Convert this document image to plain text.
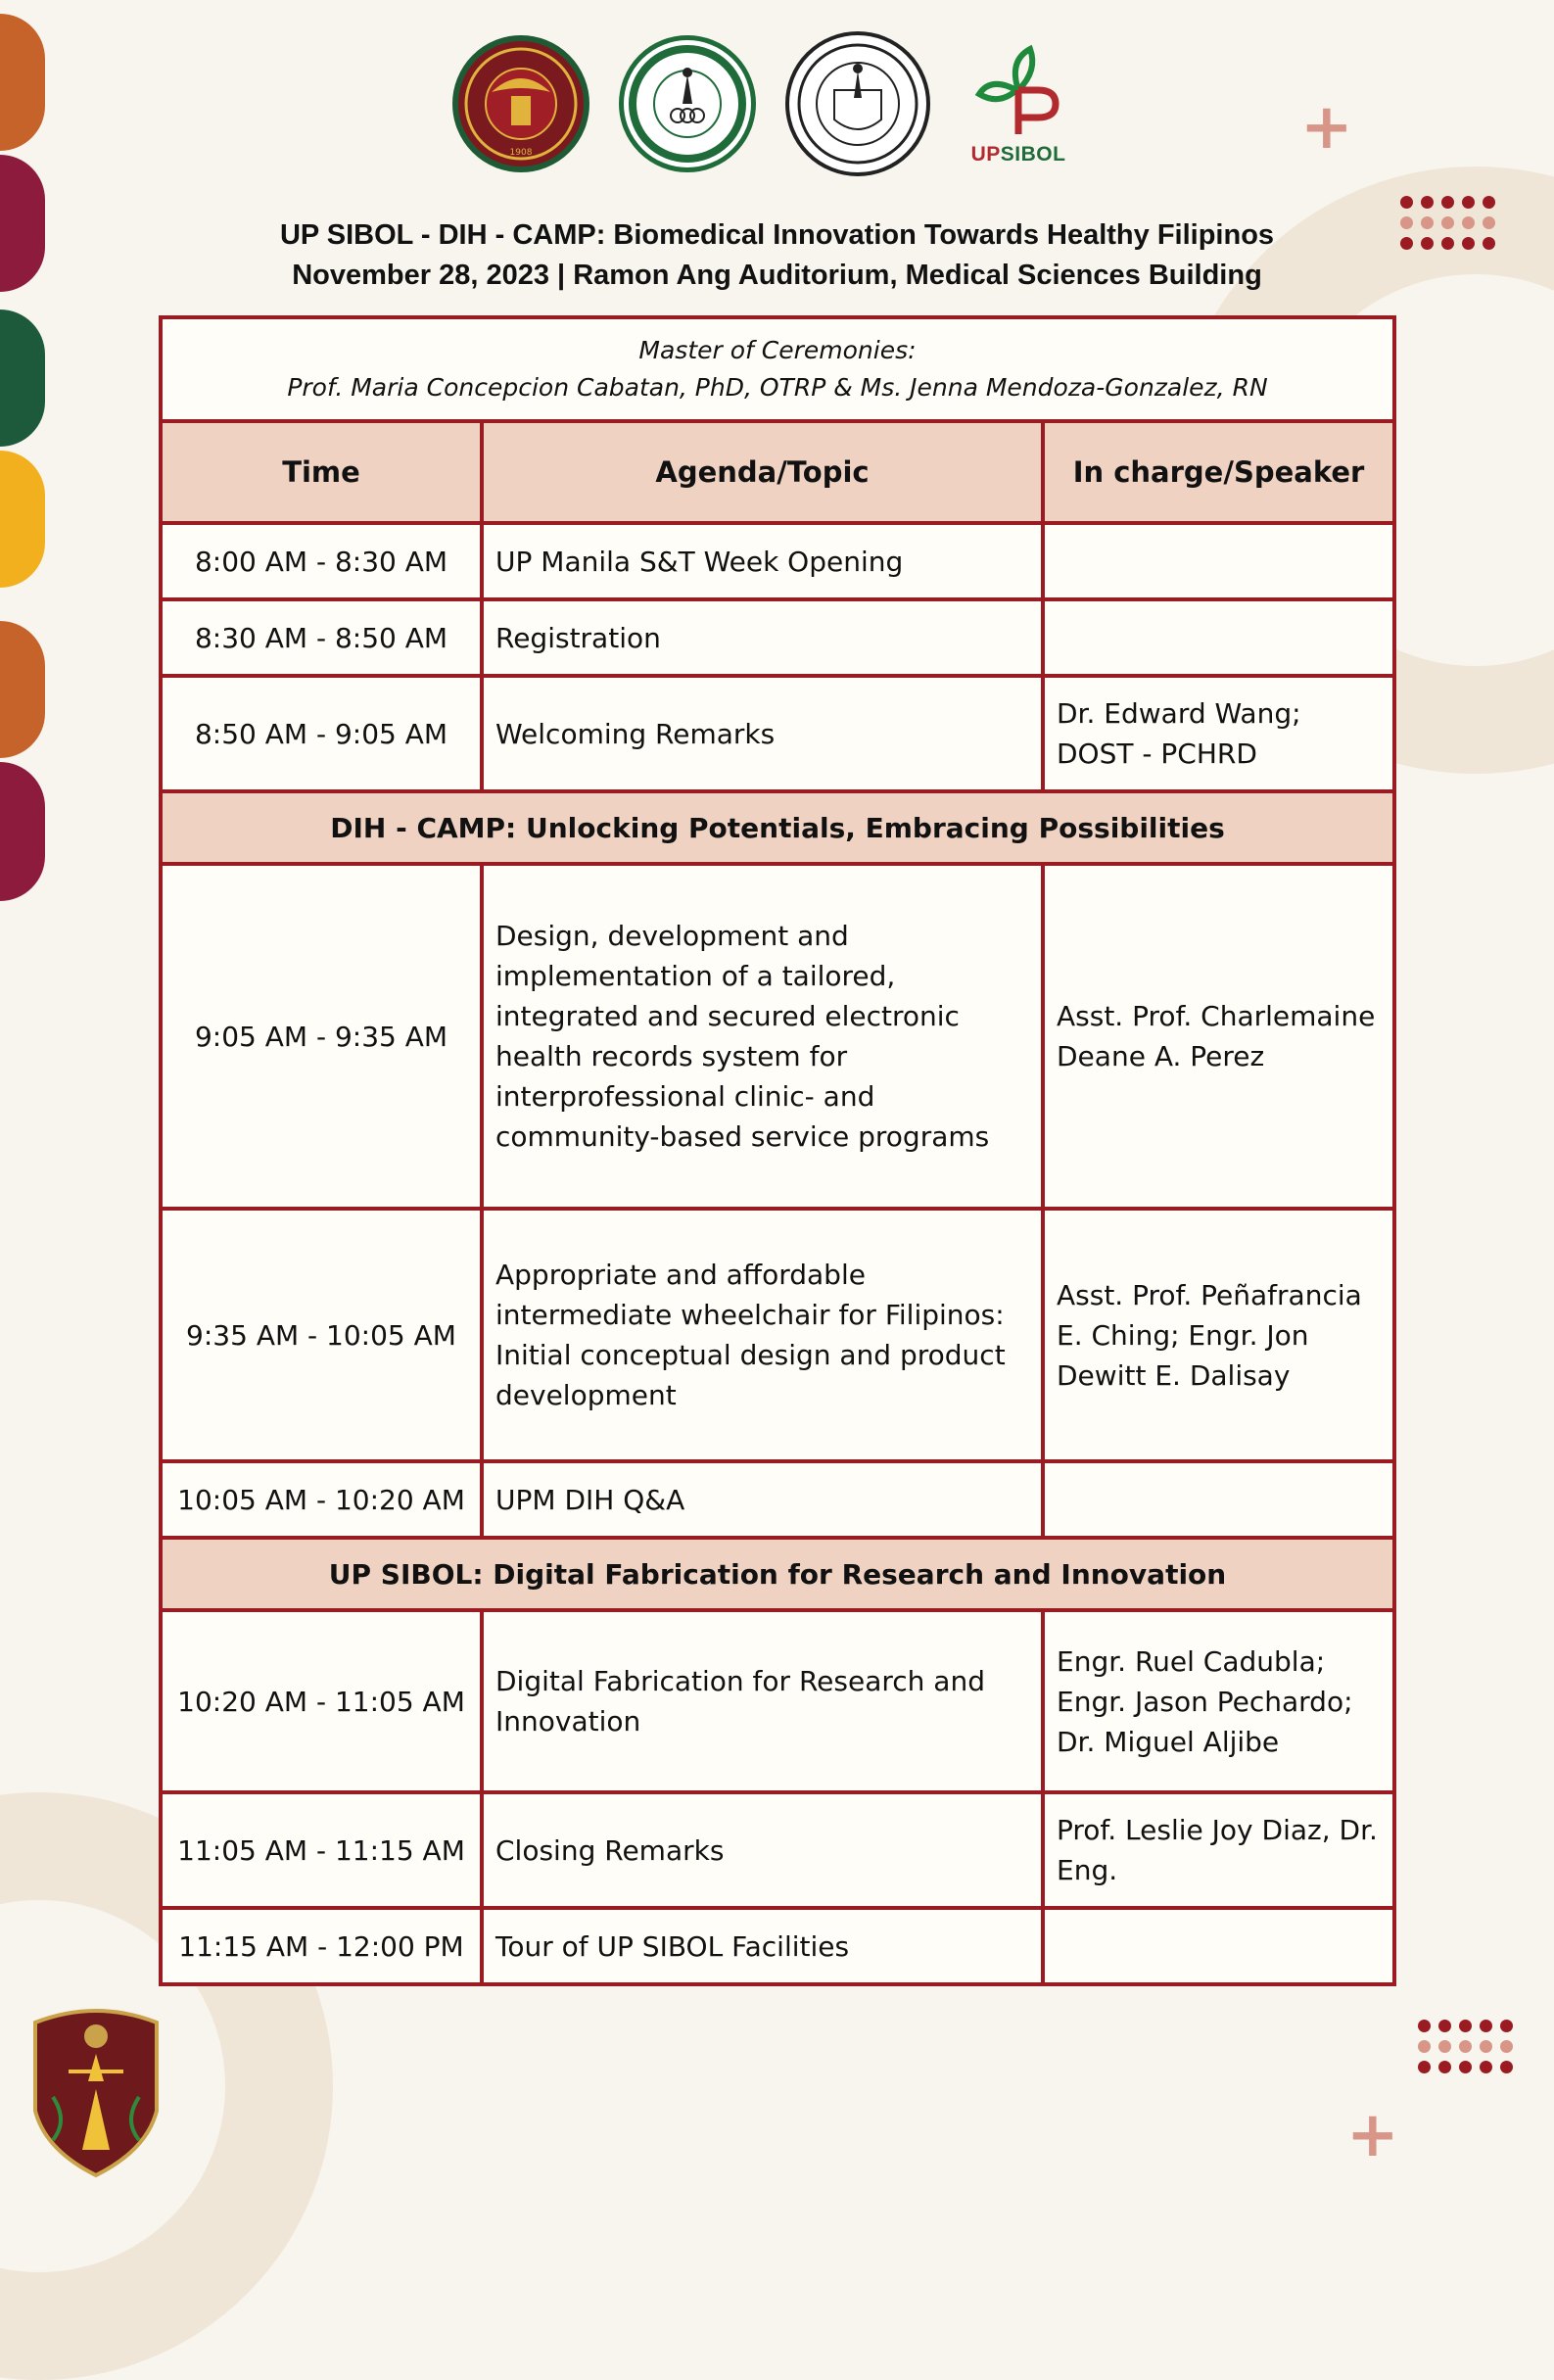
+
+
1908	UPSIBOL
UP SIBOL - DIH - CAMP: Biomedical Innovation Towards Healthy Filipinos
November 28, 2023 | Ramon Ang Auditorium, Medical Sciences Building
Master of Ceremonies:
Prof. Maria Concepcion Cabatan, PhD, OTRP & Ms. Jenna Mendoza-Gonzalez, RN		

Time	Agenda/Topic	In charge/Speaker
8:00 AM - 8:30 AM	UP Manila S&T Week Opening	
8:30 AM - 8:50 AM	Registration	
8:50 AM - 9:05 AM	Welcoming Remarks	Dr. Edward Wang; DOST - PCHRD
DIH - CAMP: Unlocking Potentials, Embracing Possibilities		
9:05 AM - 9:35 AM	Design, development and implementation of a tailored, integrated and secured electronic health records system for interprofessional clinic- and community-based service programs	Asst. Prof. Charlemaine Deane A. Perez
9:35 AM - 10:05 AM	Appropriate and affordable intermediate wheelchair for Filipinos: Initial conceptual design and product development	Asst. Prof. Peñafrancia E. Ching; Engr. Jon Dewitt E. Dalisay
10:05 AM - 10:20 AM	UPM DIH Q&A	
UP SIBOL: Digital Fabrication for Research and Innovation		
10:20 AM - 11:05 AM	Digital Fabrication for Research and Innovation	Engr. Ruel Cadubla; Engr. Jason Pechardo; Dr. Miguel Aljibe
11:05 AM - 11:15 AM	Closing Remarks	Prof. Leslie Joy Diaz, Dr. Eng.
11:15 AM - 12:00 PM	Tour of UP SIBOL Facilities	
